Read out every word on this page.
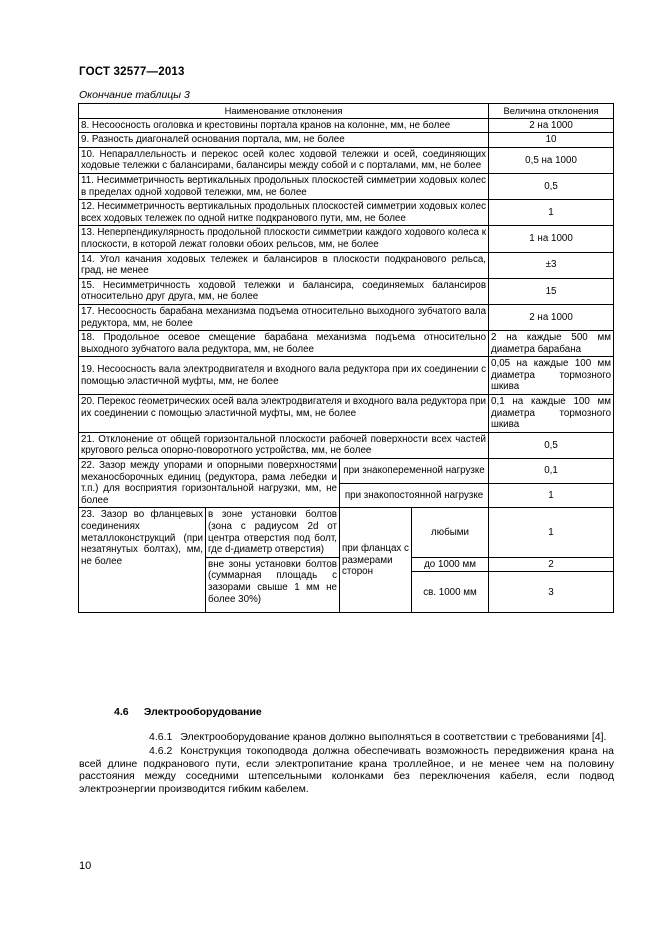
ГОСТ 32577—2013
Окончание таблицы 3
Наименование отклонения				Величина отклонения
8. Несоосность оголовка и крестовины портала кранов на колонне, мм, не более				2 на 1000
9. Разность диагоналей основания портала, мм, не более				10
10. Непараллельность и перекос осей колес ходовой тележки и осей, соединяющих ходовые тележки с балансирами, балансиры между собой и с порталами, мм, не более				0,5 на 1000
11. Несимметричность вертикальных продольных плоскостей симметрии ходовых колес в пределах одной ходовой тележки, мм, не более				0,5
12. Несимметричность вертикальных продольных плоскостей симметрии ходовых колес всех ходовых тележек по одной нитке подкранового пути, мм, не более				1
13. Неперпендикулярность продольной плоскости симметрии каждого ходового колеса к плоскости, в которой лежат головки обоих рельсов, мм, не более				1 на 1000
14. Угол качания ходовых тележек и балансиров в плоскости подкранового рельса, град, не менее				±3
15. Несимметричность ходовой тележки и балансира, соединяемых балансиров относительно друг друга, мм, не более				15
17. Несоосность барабана механизма подъема относительно выходного зубчатого вала редуктора, мм, не более				2 на 1000
18. Продольное осевое смещение барабана механизма подъема относительно выходного зубчатого вала редуктора, мм, не более				2 на каждые 500 мм диаметра барабана
19. Несоосность вала электродвигателя и входного вала редуктора при их соединении с помощью эластичной муфты, мм, не более				0,05 на каждые 100 мм диаметра тормозного шкива
20. Перекос геометрических осей вала электродвигателя и входного вала редуктора при их соединении с помощью эластичной муфты, мм, не более				0,1 на каждые 100 мм диаметра тормозного шкива
21. Отклонение от общей горизонтальной плоскости рабочей поверхности всех частей кругового рельса опорно-поворотного устройства, мм, не более				0,5
22. Зазор между упорами и опорными поверхностями механосборочных единиц (редуктора, рама лебедки и т.п.) для восприятия горизонтальной нагрузки, мм, не более		при знакопеременной нагрузке		0,1
		при знакопостоянной нагрузке		1
23. Зазор во фланцевых соединениях металлоконструкций (при незатянутых болтах), мм, не более	в зоне установки болтов (зона с радиусом 2d от центра отверстия под болт, где d-диаметр отверстия)	при фланцах с размерами сторон	любыми	1
	вне зоны установки болтов (суммарная площадь с зазорами свыше 1 мм не более 30%)		до 1000 мм	2
			св. 1000 мм	3
4.6 Электрооборудование
4.6.1 Электрооборудование кранов должно выполняться в соответствии с требованиями [4].
4.6.2 Конструкция токоподвода должна обеспечивать возможность передвижения крана на всей длине подкранового пути, если электропитание крана троллейное, и не менее чем на половину расстояния между соседними штепсельными колонками без переключения кабеля, если подвод электроэнергии производится гибким кабелем.
10
